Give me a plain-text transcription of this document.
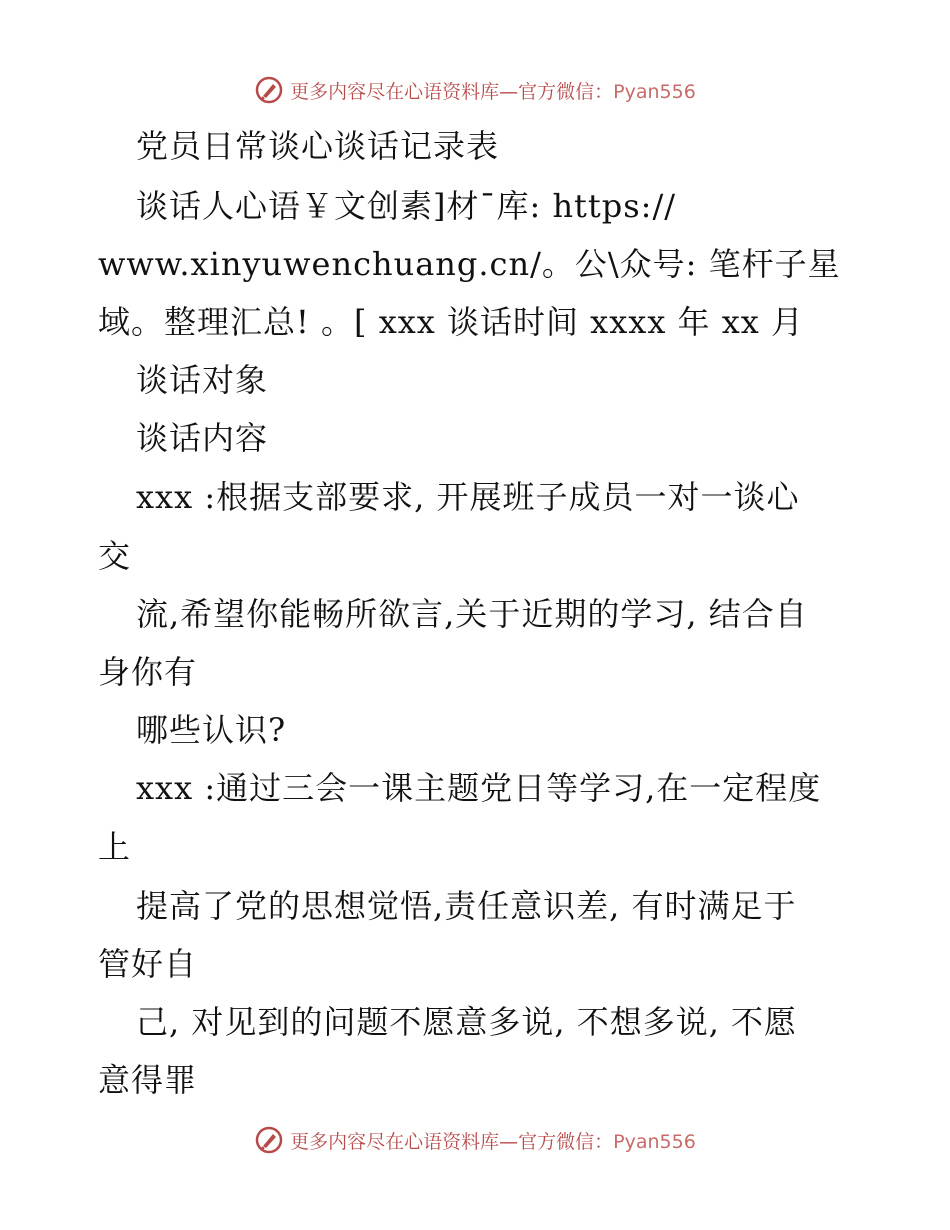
更多内容尽在心语资料库—官方微信：Pyan556
党员日常谈心谈话记录表
谈话人心语￥文创素]材¯库: https://
www.xinyuwenchuang.cn/。公\众号: 笔杆子星
域。整理汇总! 。[ xxx 谈话时间 xxxx 年 xx 月
谈话对象
谈话内容
xxx :根据支部要求, 开展班子成员一对一谈心
交
流,希望你能畅所欲言,关于近期的学习, 结合自
身你有
哪些认识?
xxx :通过三会一课主题党日等学习,在一定程度
上
提高了党的思想觉悟,责任意识差, 有时满足于
管好自
己, 对见到的问题不愿意多说, 不想多说, 不愿
意得罪
更多内容尽在心语资料库—官方微信：Pyan556
